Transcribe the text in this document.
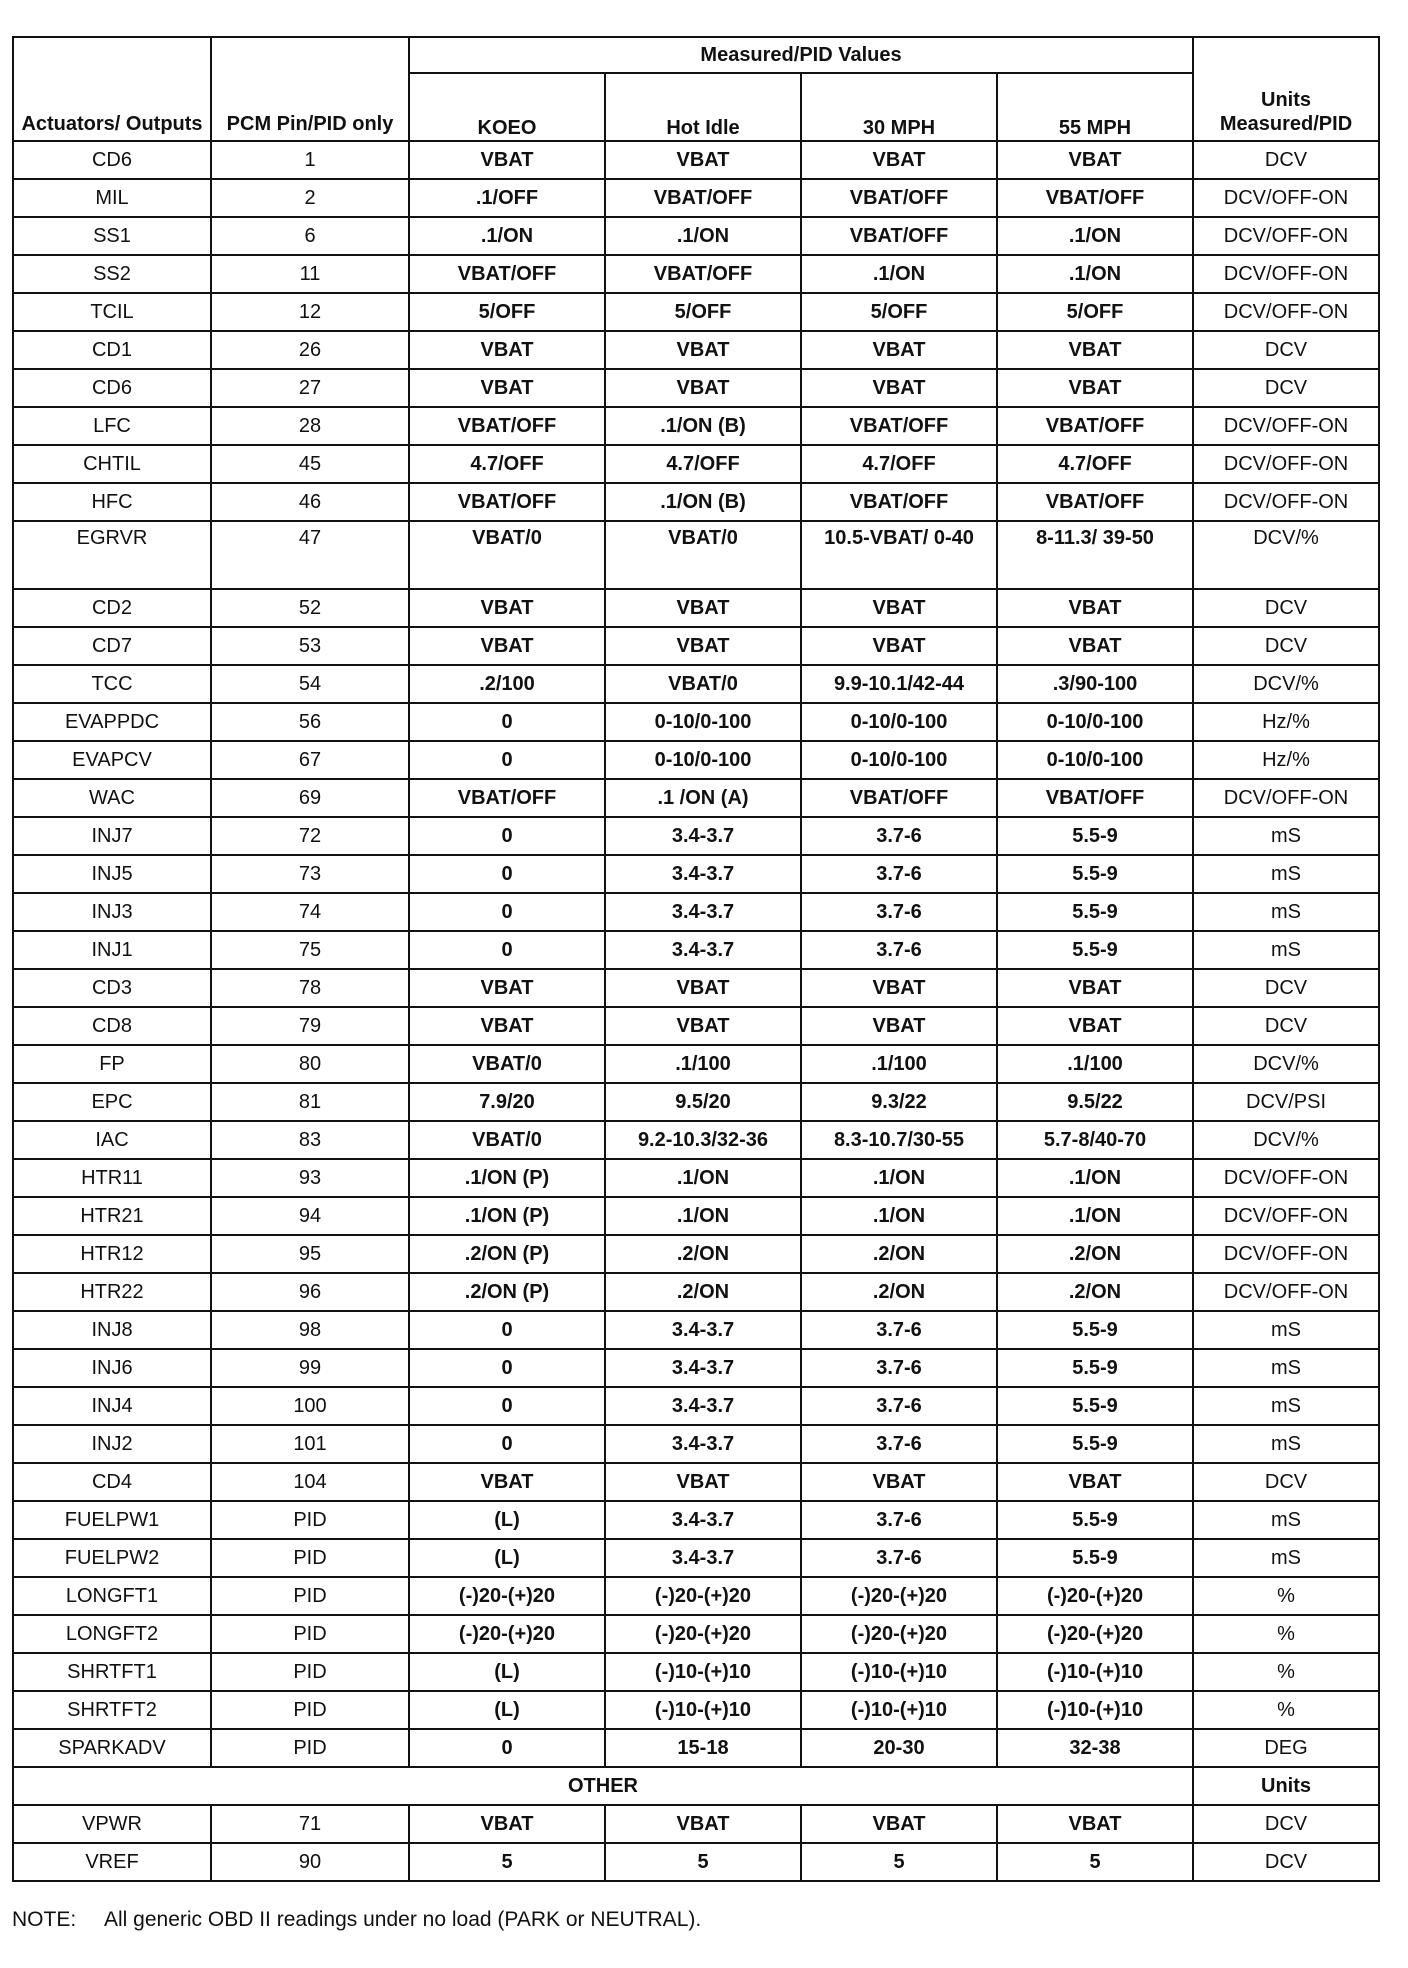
Actuators/ Outputs	PCM Pin/PID only	Measured/PID Values				Units Measured/PID
		KOEO	Hot Idle	30 MPH	55 MPH	
CD6	1	VBAT	VBAT	VBAT	VBAT	DCV
MIL	2	.1/OFF	VBAT/OFF	VBAT/OFF	VBAT/OFF	DCV/OFF-ON
SS1	6	.1/ON	.1/ON	VBAT/OFF	.1/ON	DCV/OFF-ON
SS2	11	VBAT/OFF	VBAT/OFF	.1/ON	.1/ON	DCV/OFF-ON
TCIL	12	5/OFF	5/OFF	5/OFF	5/OFF	DCV/OFF-ON
CD1	26	VBAT	VBAT	VBAT	VBAT	DCV
CD6	27	VBAT	VBAT	VBAT	VBAT	DCV
LFC	28	VBAT/OFF	.1/ON (B)	VBAT/OFF	VBAT/OFF	DCV/OFF-ON
CHTIL	45	4.7/OFF	4.7/OFF	4.7/OFF	4.7/OFF	DCV/OFF-ON
HFC	46	VBAT/OFF	.1/ON (B)	VBAT/OFF	VBAT/OFF	DCV/OFF-ON
EGRVR	47	VBAT/0	VBAT/0	10.5-VBAT/ 0-40	8-11.3/ 39-50	DCV/%
CD2	52	VBAT	VBAT	VBAT	VBAT	DCV
CD7	53	VBAT	VBAT	VBAT	VBAT	DCV
TCC	54	.2/100	VBAT/0	9.9-10.1/42-44	.3/90-100	DCV/%
EVAPPDC	56	0	0-10/0-100	0-10/0-100	0-10/0-100	Hz/%
EVAPCV	67	0	0-10/0-100	0-10/0-100	0-10/0-100	Hz/%
WAC	69	VBAT/OFF	.1 /ON (A)	VBAT/OFF	VBAT/OFF	DCV/OFF-ON
INJ7	72	0	3.4-3.7	3.7-6	5.5-9	mS
INJ5	73	0	3.4-3.7	3.7-6	5.5-9	mS
INJ3	74	0	3.4-3.7	3.7-6	5.5-9	mS
INJ1	75	0	3.4-3.7	3.7-6	5.5-9	mS
CD3	78	VBAT	VBAT	VBAT	VBAT	DCV
CD8	79	VBAT	VBAT	VBAT	VBAT	DCV
FP	80	VBAT/0	.1/100	.1/100	.1/100	DCV/%
EPC	81	7.9/20	9.5/20	9.3/22	9.5/22	DCV/PSI
IAC	83	VBAT/0	9.2-10.3/32-36	8.3-10.7/30-55	5.7-8/40-70	DCV/%
HTR11	93	.1/ON (P)	.1/ON	.1/ON	.1/ON	DCV/OFF-ON
HTR21	94	.1/ON (P)	.1/ON	.1/ON	.1/ON	DCV/OFF-ON
HTR12	95	.2/ON (P)	.2/ON	.2/ON	.2/ON	DCV/OFF-ON
HTR22	96	.2/ON (P)	.2/ON	.2/ON	.2/ON	DCV/OFF-ON
INJ8	98	0	3.4-3.7	3.7-6	5.5-9	mS
INJ6	99	0	3.4-3.7	3.7-6	5.5-9	mS
INJ4	100	0	3.4-3.7	3.7-6	5.5-9	mS
INJ2	101	0	3.4-3.7	3.7-6	5.5-9	mS
CD4	104	VBAT	VBAT	VBAT	VBAT	DCV
FUELPW1	PID	(L)	3.4-3.7	3.7-6	5.5-9	mS
FUELPW2	PID	(L)	3.4-3.7	3.7-6	5.5-9	mS
LONGFT1	PID	(-)20-(+)20	(-)20-(+)20	(-)20-(+)20	(-)20-(+)20	%
LONGFT2	PID	(-)20-(+)20	(-)20-(+)20	(-)20-(+)20	(-)20-(+)20	%
SHRTFT1	PID	(L)	(-)10-(+)10	(-)10-(+)10	(-)10-(+)10	%
SHRTFT2	PID	(L)	(-)10-(+)10	(-)10-(+)10	(-)10-(+)10	%
SPARKADV	PID	0	15-18	20-30	32-38	DEG
OTHER						Units
VPWR	71	VBAT	VBAT	VBAT	VBAT	DCV
VREF	90	5	5	5	5	DCV
NOTE: All generic OBD II readings under no load (PARK or NEUTRAL).
